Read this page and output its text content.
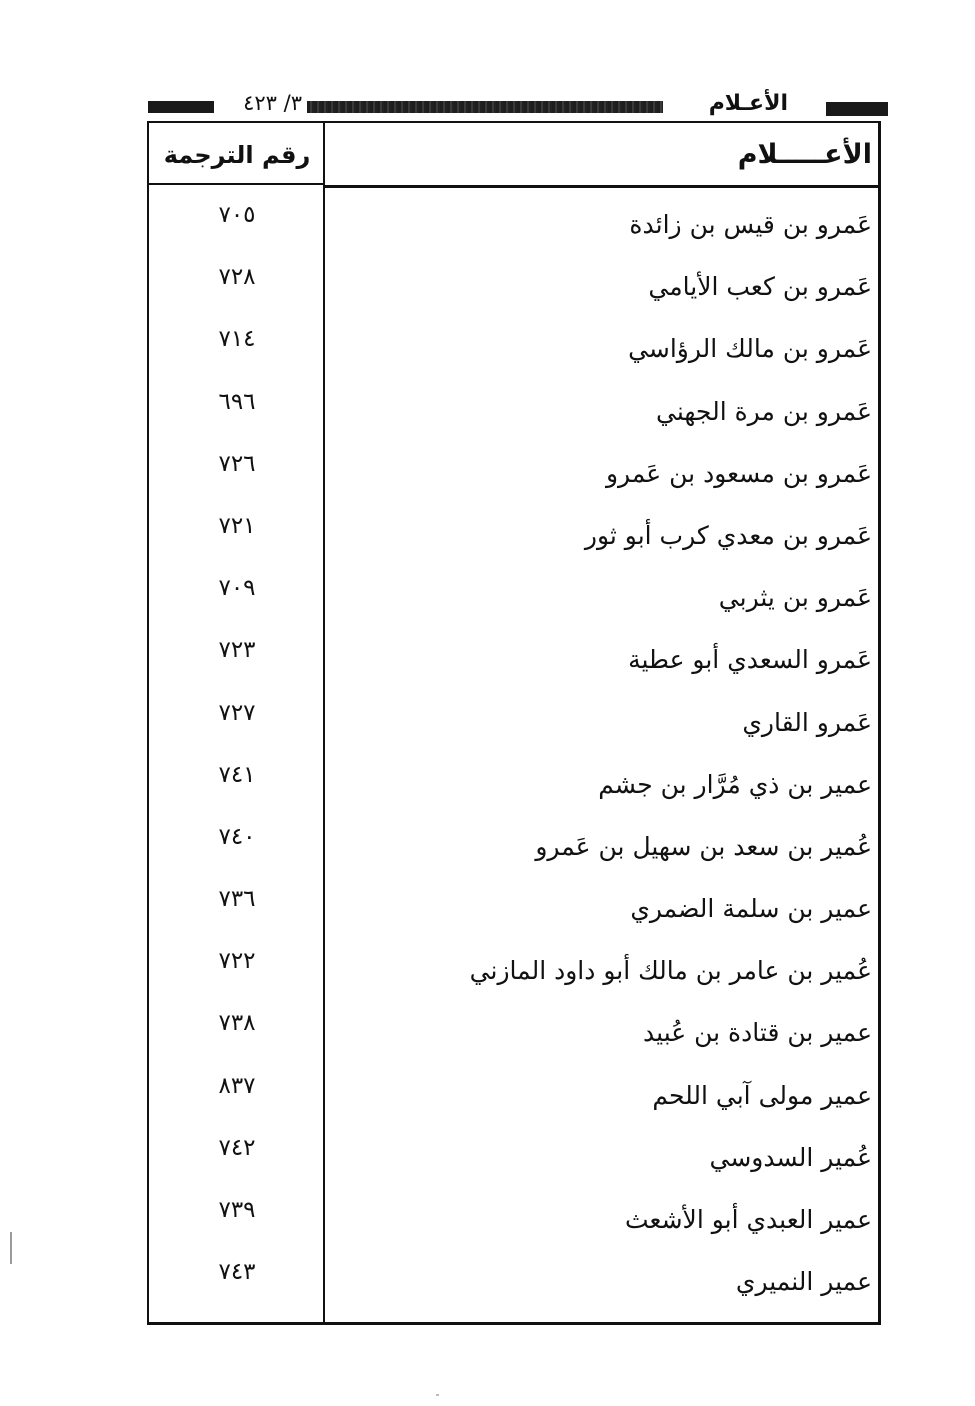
الأعـلام
٣/ ٤٢٣
الأعـــــلام
رقم الترجمة
عَمرو بن قيس بن زائدة
٧٠٥
عَمرو بن كعب الأيامي
٧٢٨
عَمرو بن مالك الرؤاسي
٧١٤
عَمرو بن مرة الجهني
٦٩٦
عَمرو بن مسعود بن عَمرو
٧٢٦
عَمرو بن معدي كرب أبو ثور
٧٢١
عَمرو بن يثربي
٧٠٩
عَمرو السعدي أبو عطية
٧٢٣
عَمرو القاري
٧٢٧
عمير بن ذي مُرَّار بن جشم
٧٤١
عُمير بن سعد بن سهيل بن عَمرو
٧٤٠
عمير بن سلمة الضمري
٧٣٦
عُمير بن عامر بن مالك أبو داود المازني
٧٢٢
عمير بن قتادة بن عُبيد
٧٣٨
عمير مولى آبي اللحم
٨٣٧
عُمير السدوسي
٧٤٢
عمير العبدي أبو الأشعث
٧٣٩
عمير النميري
٧٤٣
